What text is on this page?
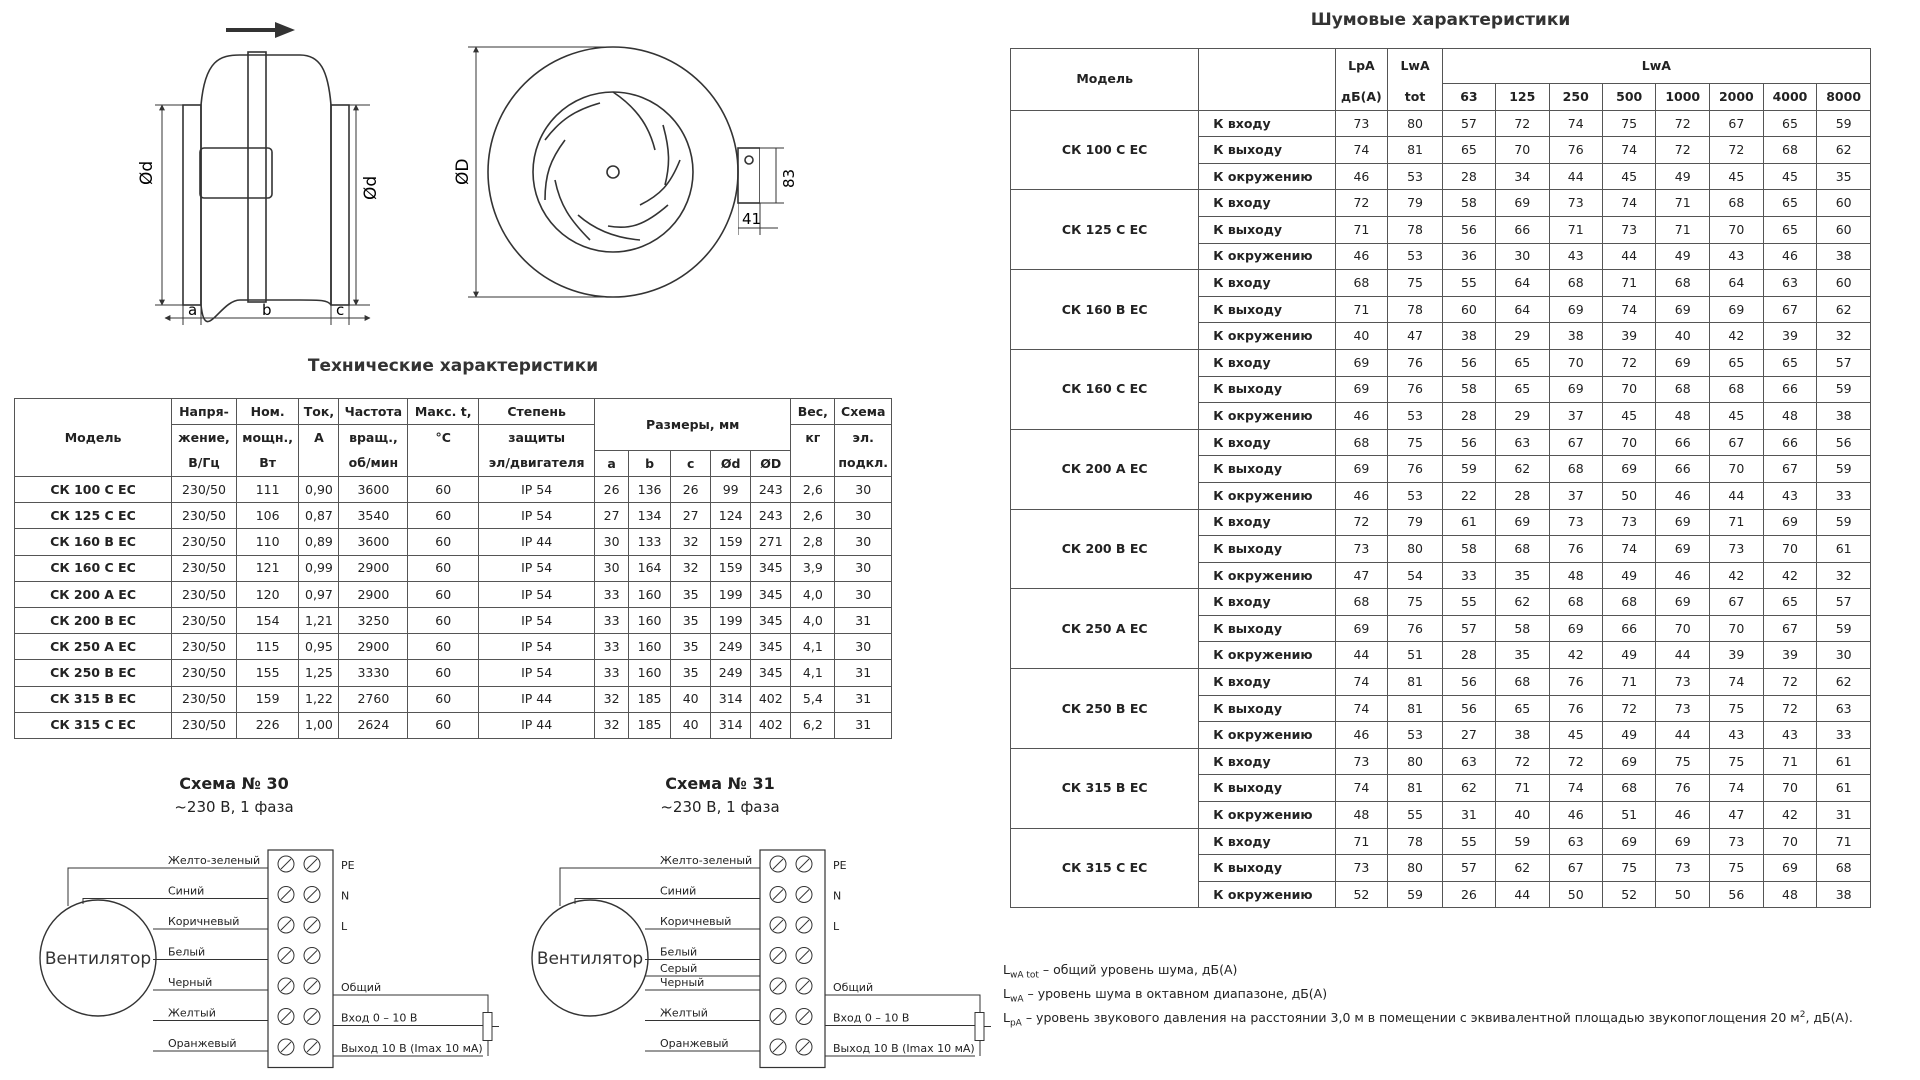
Ød
Ød
a	b	c
ØD	83
41
Технические характеристики
Модель	Напря-	Ном.	Ток,	Частота	Макс. t,	Степень	Размеры, мм					Вес,	Схема
	жение,	мощн.,	А	вращ.,	°С	защиты						кг	эл.
	В/Гц	Вт		об/мин		эл/двигателя	a	b	c	Ød	ØD		подкл.
СК 100 С ЕС	230/50	111	0,90	3600	60	IP 54	26	136	26	99	243	2,6	30
СК 125 С ЕС	230/50	106	0,87	3540	60	IP 54	27	134	27	124	243	2,6	30
СК 160 В ЕС	230/50	110	0,89	3600	60	IP 44	30	133	32	159	271	2,8	30
СК 160 С ЕС	230/50	121	0,99	2900	60	IP 54	30	164	32	159	345	3,9	30
СК 200 А ЕС	230/50	120	0,97	2900	60	IP 54	33	160	35	199	345	4,0	30
СК 200 В ЕС	230/50	154	1,21	3250	60	IP 54	33	160	35	199	345	4,0	31
СК 250 А ЕС	230/50	115	0,95	2900	60	IP 54	33	160	35	249	345	4,1	30
СК 250 В ЕС	230/50	155	1,25	3330	60	IP 54	33	160	35	249	345	4,1	31
СК 315 В ЕС	230/50	159	1,22	2760	60	IP 44	32	185	40	314	402	5,4	31
СК 315 С ЕС	230/50	226	1,00	2624	60	IP 44	32	185	40	314	402	6,2	31
Шумовые характеристики
Модель		LpA	LwA	LwA							
		дБ(А)	tot	63	125	250	500	1000	2000	4000	8000
СК 100 С ЕС	К входу	73	80	57	72	74	75	72	67	65	59
	К выходу	74	81	65	70	76	74	72	72	68	62
	К окружению	46	53	28	34	44	45	49	45	45	35
СК 125 С ЕС	К входу	72	79	58	69	73	74	71	68	65	60
	К выходу	71	78	56	66	71	73	71	70	65	60
	К окружению	46	53	36	30	43	44	49	43	46	38
СК 160 В ЕС	К входу	68	75	55	64	68	71	68	64	63	60
	К выходу	71	78	60	64	69	74	69	69	67	62
	К окружению	40	47	38	29	38	39	40	42	39	32
СК 160 С ЕС	К входу	69	76	56	65	70	72	69	65	65	57
	К выходу	69	76	58	65	69	70	68	68	66	59
	К окружению	46	53	28	29	37	45	48	45	48	38
СК 200 А ЕС	К входу	68	75	56	63	67	70	66	67	66	56
	К выходу	69	76	59	62	68	69	66	70	67	59
	К окружению	46	53	22	28	37	50	46	44	43	33
СК 200 В ЕС	К входу	72	79	61	69	73	73	69	71	69	59
	К выходу	73	80	58	68	76	74	69	73	70	61
	К окружению	47	54	33	35	48	49	46	42	42	32
СК 250 А ЕС	К входу	68	75	55	62	68	68	69	67	65	57
	К выходу	69	76	57	58	69	66	70	70	67	59
	К окружению	44	51	28	35	42	49	44	39	39	30
СК 250 В ЕС	К входу	74	81	56	68	76	71	73	74	72	62
	К выходу	74	81	56	65	76	72	73	75	72	63
	К окружению	46	53	27	38	45	49	44	43	43	33
СК 315 В ЕС	К входу	73	80	63	72	72	69	75	75	71	61
	К выходу	74	81	62	71	74	68	76	74	70	61
	К окружению	48	55	31	40	46	51	46	47	42	31
СК 315 С ЕС	К входу	71	78	55	59	63	69	69	73	70	71
	К выходу	73	80	57	62	67	75	73	75	69	68
	К окружению	52	59	26	44	50	52	50	56	48	38
$L_{wA tot}$ – общий уровень шума, дБ(А)
$L_{wA}$ – уровень шума в октавном диапазоне, дБ(А)
$L_{pA}$ – уровень звукового давления на расстоянии 3,0 м в помещении с эквивалентной площадью звукопоглощения 20 $м^2$, дБ(А).
Схема № 30
~230 В, 1 фаза
Схема № 31
~230 В, 1 фаза
Вентилятор
Желто-зеленый
Синий
Коричневый
Белый
Черный
Желтый
Оранжевый
PE
N
L
Общий
Вход 0 – 10 В
Выход 10 В (Imax 10 мА)
Вентилятор
Желто-зеленый
Синий
Коричневый
Белый
Серый
Черный
Желтый
Оранжевый
PE
N
L
Общий
Вход 0 – 10 В
Выход 10 В (Imax 10 мА)
